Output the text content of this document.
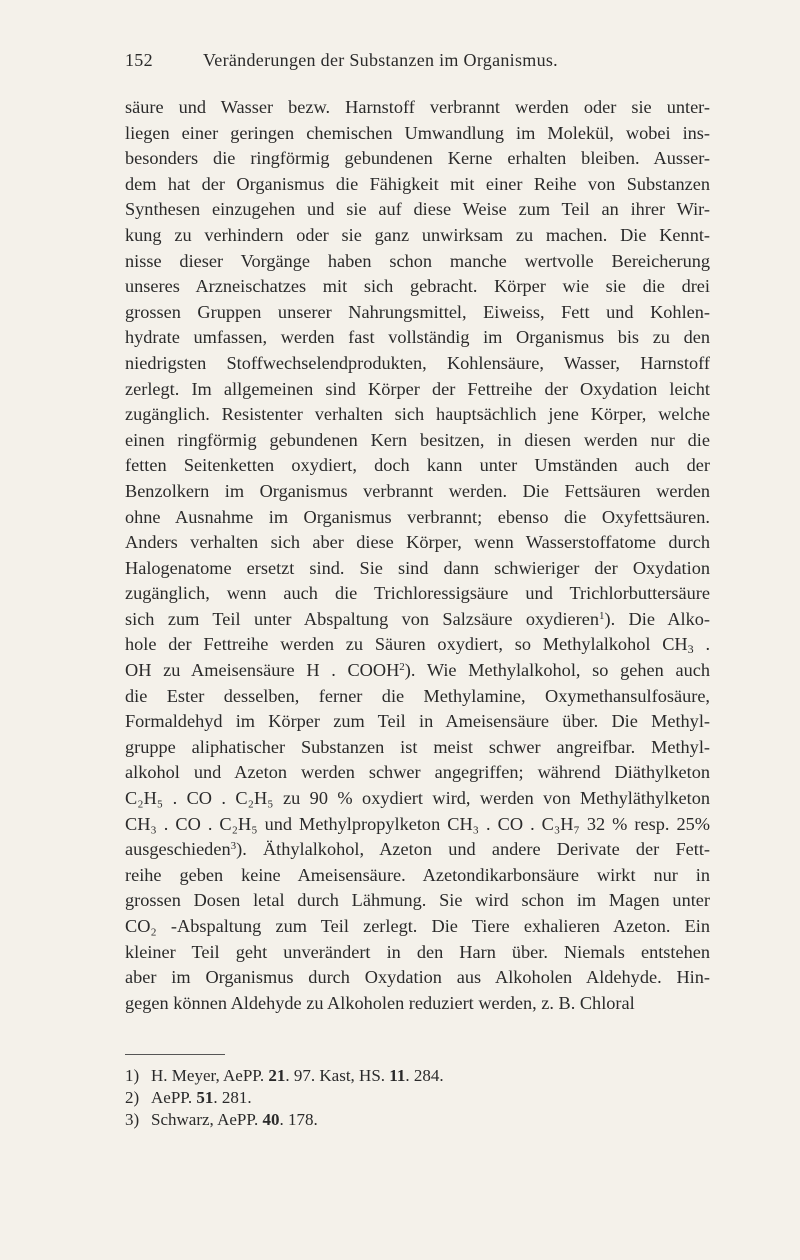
152	Veränderungen der Substanzen im Organismus.
säure und Wasser bezw. Harnstoff verbrannt werden oder sie unter-
liegen einer geringen chemischen Umwandlung im Molekül, wobei ins-
besonders die ringförmig gebundenen Kerne erhalten bleiben. Ausser-
dem hat der Organismus die Fähigkeit mit einer Reihe von Substanzen
Synthesen einzugehen und sie auf diese Weise zum Teil an ihrer Wir-
kung zu verhindern oder sie ganz unwirksam zu machen. Die Kennt-
nisse dieser Vorgänge haben schon manche wertvolle Bereicherung
unseres Arzneischatzes mit sich gebracht. Körper wie sie die drei
grossen Gruppen unserer Nahrungsmittel, Eiweiss, Fett und Kohlen-
hydrate umfassen, werden fast vollständig im Organismus bis zu den
niedrigsten Stoffwechselendprodukten, Kohlensäure, Wasser, Harnstoff
zerlegt. Im allgemeinen sind Körper der Fettreihe der Oxydation leicht
zugänglich. Resistenter verhalten sich hauptsächlich jene Körper, welche
einen ringförmig gebundenen Kern besitzen, in diesen werden nur die
fetten Seitenketten oxydiert, doch kann unter Umständen auch der
Benzolkern im Organismus verbrannt werden. Die Fettsäuren werden
ohne Ausnahme im Organismus verbrannt; ebenso die Oxyfettsäuren.
Anders verhalten sich aber diese Körper, wenn Wasserstoffatome durch
Halogenatome ersetzt sind. Sie sind dann schwieriger der Oxydation
zugänglich, wenn auch die Trichloressigsäure und Trichlorbuttersäure
sich zum Teil unter Abspaltung von Salzsäure oxydieren$^1$). Die Alko-
hole der Fettreihe werden zu Säuren oxydiert, so Methylalkohol $CH_3$ .
OH zu Ameisensäure H . COOH$^2$). Wie Methylalkohol, so gehen auch
die Ester desselben, ferner die Methylamine, Oxymethansulfosäure,
Formaldehyd im Körper zum Teil in Ameisensäure über. Die Methyl-
gruppe aliphatischer Substanzen ist meist schwer angreifbar. Methyl-
alkohol und Azeton werden schwer angegriffen; während Diäthylketon
C₂H₅ . CO . C₂H₅ zu 90 % oxydiert wird, werden von Methyläthylketon
CH₃ . CO . C₂H₅ und Methylpropylketon CH₃ . CO . C₃H₇ 32 % resp. 25%
ausgeschieden$^3$). Äthylalkohol, Azeton und andere Derivate der Fett-
reihe geben keine Ameisensäure. Azetondikarbonsäure wirkt nur in
grossen Dosen letal durch Lähmung. Sie wird schon im Magen unter
CO₂ -Abspaltung zum Teil zerlegt. Die Tiere exhalieren Azeton. Ein
kleiner Teil geht unverändert in den Harn über. Niemals entstehen
aber im Organismus durch Oxydation aus Alkoholen Aldehyde. Hin-
gegen können Aldehyde zu Alkoholen reduziert werden, z. B. Chloral
1) H. Meyer, AePP. 21. 97. Kast, HS. 11. 284.
2) AePP. 51. 281.
3) Schwarz, AePP. 40. 178.
